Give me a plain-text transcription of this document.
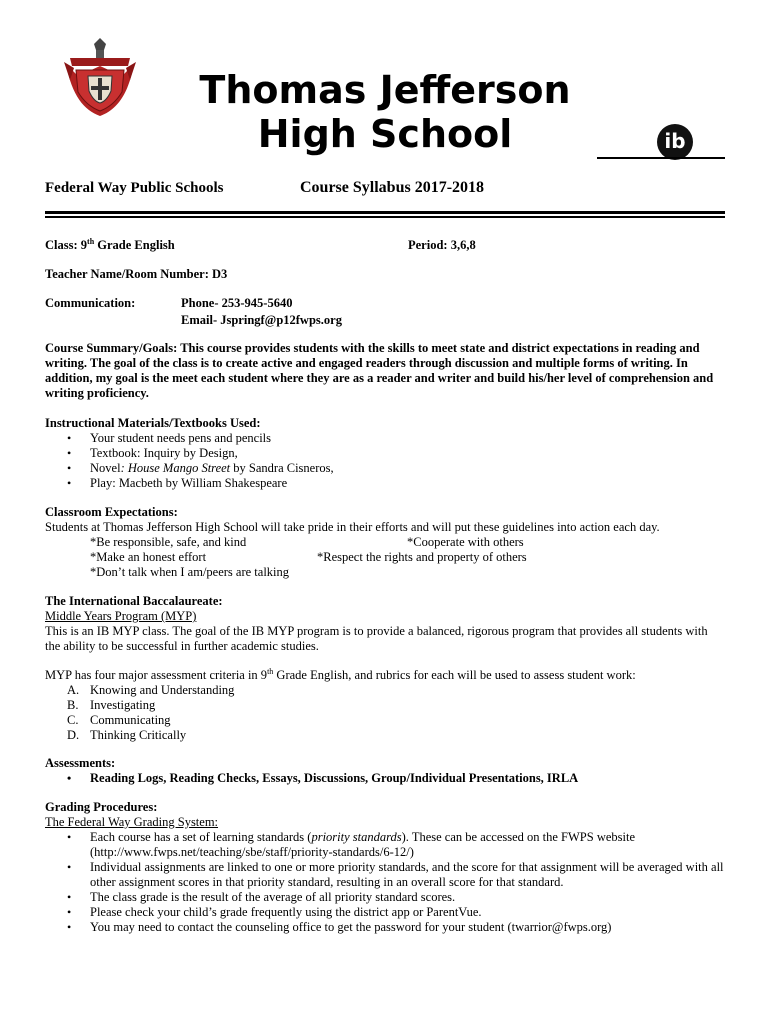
Thomas Jefferson High School	ib
Federal Way Public Schools	Course Syllabus 2017-2018
Class: 9th Grade English	Period: 3,6,8
Teacher Name/Room Number: D3
Communication:	Phone- 253-945-5640
Email- Jspringf@p12fwps.org
Course Summary/Goals: This course provides students with the skills to meet state and district expectations in reading and writing. The goal of the class is to create active and engaged readers through discussion and multiple forms of writing. In addition, my goal is the meet each student where they are as a reader and writer and build his/her level of comprehension and writing proficiency.
Instructional Materials/Textbooks Used:
• Your student needs pens and pencils
• Textbook: Inquiry by Design,
• Novel: House Mango Street by Sandra Cisneros,
• Play: Macbeth by William Shakespeare
Classroom Expectations:
Students at Thomas Jefferson High School will take pride in their efforts and will put these guidelines into action each day.
*Be responsible, safe, and kind
*Make an honest effort
*Don’t talk when I am/peers are talking
*Cooperate with others
*Respect the rights and property of others
The International Baccalaureate:
Middle Years Program (MYP)
This is an IB MYP class. The goal of the IB MYP program is to provide a balanced, rigorous program that provides all students with the ability to be successful in further academic studies.
MYP has four major assessment criteria in 9th Grade English, and rubrics for each will be used to assess student work:
A. Knowing and Understanding
B. Investigating
C. Communicating
D. Thinking Critically
Assessments:
• Reading Logs, Reading Checks, Essays, Discussions, Group/Individual Presentations, IRLA
Grading Procedures:
The Federal Way Grading System:
• Each course has a set of learning standards (priority standards). These can be accessed on the FWPS website (http://www.fwps.net/teaching/sbe/staff/priority-standards/6-12/)
• Individual assignments are linked to one or more priority standards, and the score for that assignment will be averaged with all other assignment scores in that priority standard, resulting in an overall score for that standard.
• The class grade is the result of the average of all priority standard scores.
• Please check your child’s grade frequently using the district app or ParentVue.
• You may need to contact the counseling office to get the password for your student (twarrior@fwps.org)
